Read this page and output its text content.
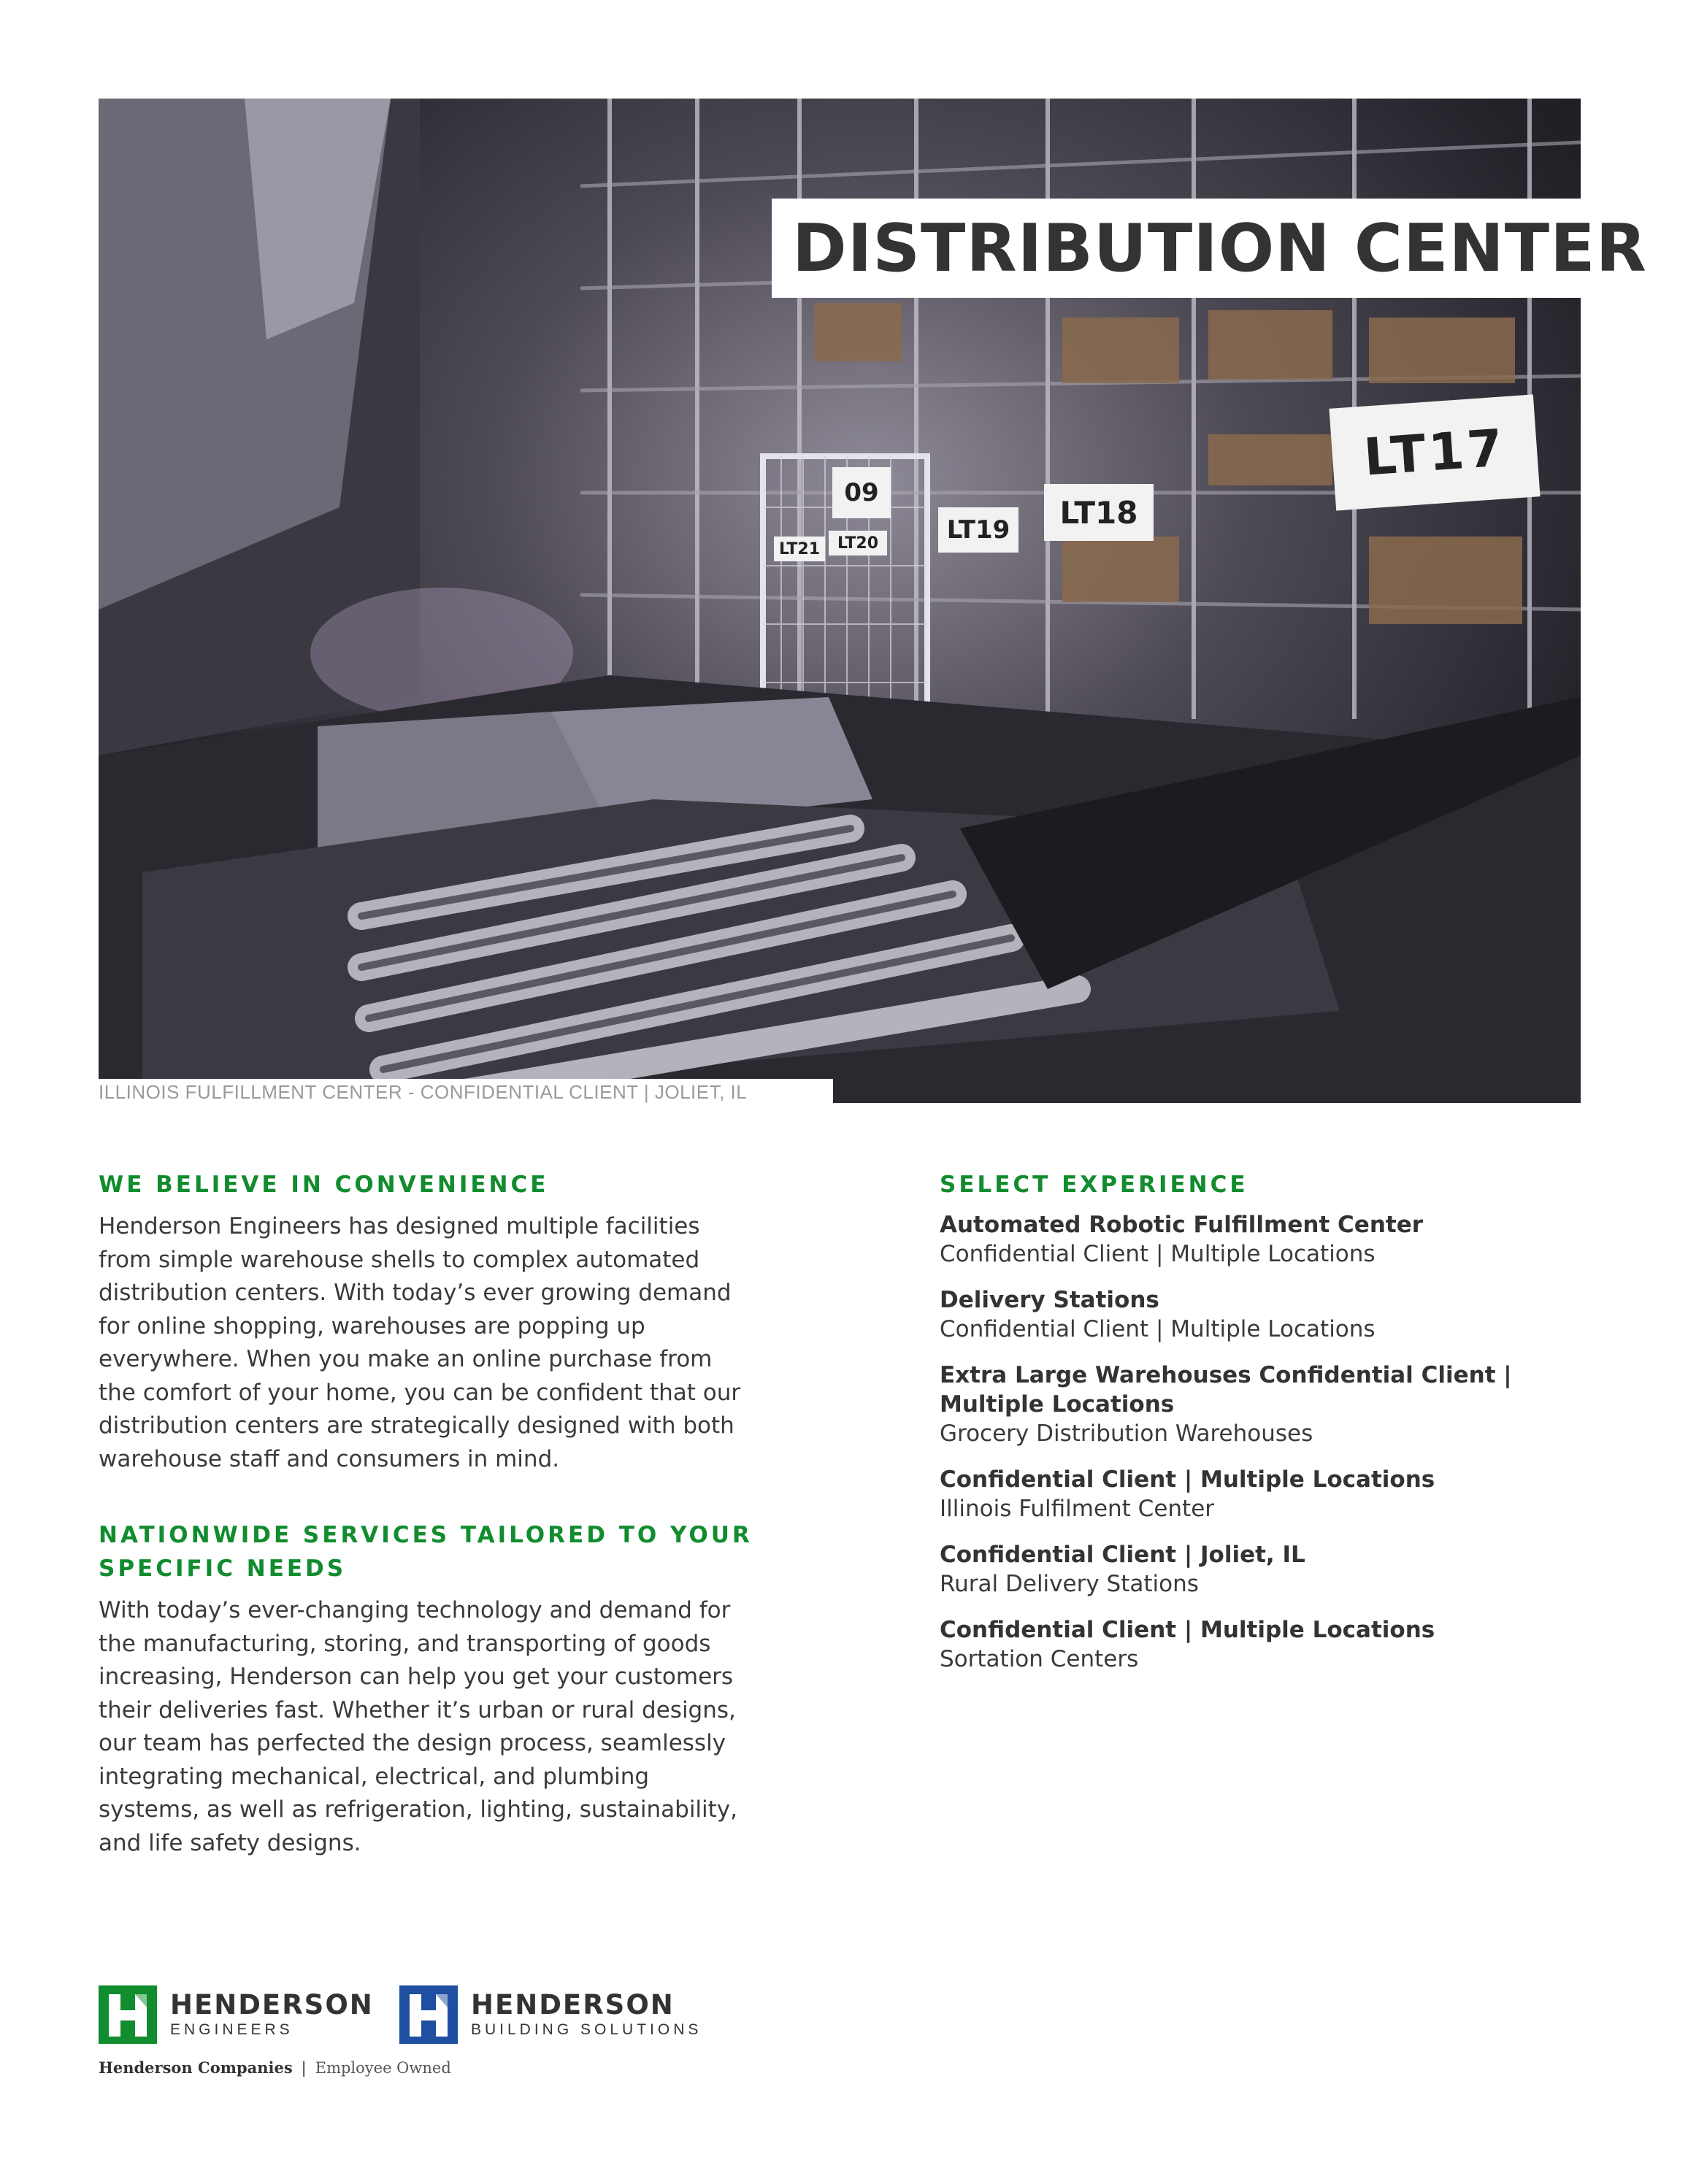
09
LT21 LT20	LT19 LT18
LT17
DISTRIBUTION CENTER
ILLINOIS FULFILLMENT CENTER - CONFIDENTIAL CLIENT | JOLIET, IL
WE BELIEVE IN CONVENIENCE

Henderson Engineers has designed multiple facilities from simple warehouse shells to complex automated distribution centers. With today’s ever growing demand for online shopping, warehouses are popping up everywhere. When you make an online purchase from the comfort of your home, you can be confident that our distribution centers are strategically designed with both warehouse staff and consumers in mind.

NATIONWIDE SERVICES TAILORED TO YOUR SPECIFIC NEEDS

With today’s ever-changing technology and demand for the manufacturing, storing, and transporting of goods increasing, Henderson can help you get your customers their deliveries fast. Whether it’s urban or rural designs, our team has perfected the design process, seamlessly integrating mechanical, electrical, and plumbing systems, as well as refrigeration, lighting, sustainability, and life safety designs.

SELECT EXPERIENCE
Automated Robotic Fulfillment Center
Confidential Client | Multiple Locations
Delivery Stations
Confidential Client | Multiple Locations
Extra Large Warehouses Confidential Client | Multiple Locations
Grocery Distribution Warehouses
Confidential Client | Multiple Locations
Illinois Fulfilment Center
Confidential Client | Joliet, IL
Rural Delivery Stations
Confidential Client | Multiple Locations
Sortation Centers
HENDERSON
ENGINEERS
HENDERSON
BUILDING SOLUTIONS
Henderson Companies | Employee Owned
